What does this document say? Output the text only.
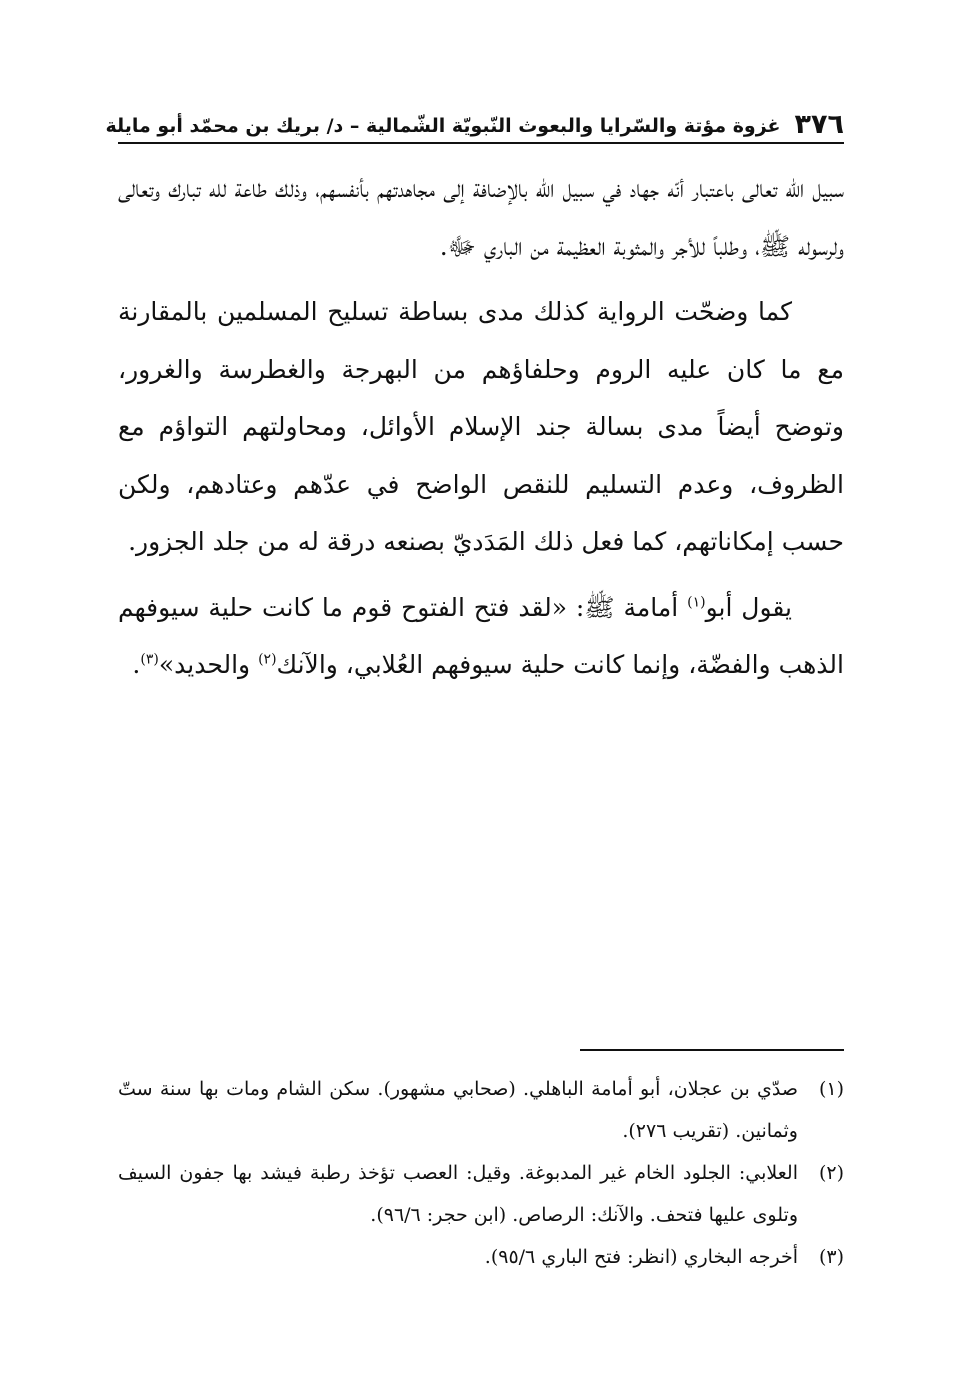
٣٧٦
غزوة مؤتة والسّرايا والبعوث النّبويّة الشّمالية – د/ بريك بن محمّد أبو مايلة

سبيل الله تعالى باعتبار أنّه جهاد في سبيل الله بالإضافة إلى مجاهدتهم بأنفسهم، وذلك طاعة لله تبارك وتعالى ولرسوله ﷺ، وطلباً للأجر والمثوبة العظيمة من الباري ﷻ.

كما وضحّت الرواية كذلك مدى بساطة تسليح المسلمين بالمقارنة مع ما كان عليه الروم وحلفاؤهم من البهرجة والغطرسة والغرور، وتوضح أيضاً مدى بسالة جند الإسلام الأوائل، ومحاولتهم التواؤم مع الظروف، وعدم التسليم للنقص الواضح في عدّهم وعتادهم، ولكن حسب إمكاناتهم، كما فعل ذلك المَدَديّ بصنعه درقة له من جلد الجزور.

يقول أبو$^{(١)}$ أمامة ﷺ: «لقد فتح الفتوح قوم ما كانت حلية سيوفهم الذهب والفضّة، وإنما كانت حلية سيوفهم العُلابي، والآنك$^{(٢)}$ والحديد»$^{(٣)}$.

(١)
صدّي بن عجلان، أبو أمامة الباهلي. (صحابي مشهور). سكن الشام ومات بها سنة ستّ وثمانين. (تقريب ٢٧٦).
(٢)
العلابي: الجلود الخام غير المدبوغة. وقيل: العصب تؤخذ رطبة فيشد بها جفون السيف وتلوى عليها فتحف. والآنك: الرصاص. (ابن حجر: ٩٦/٦).
(٣)
أخرجه البخاري (انظر: فتح الباري ٩٥/٦).
